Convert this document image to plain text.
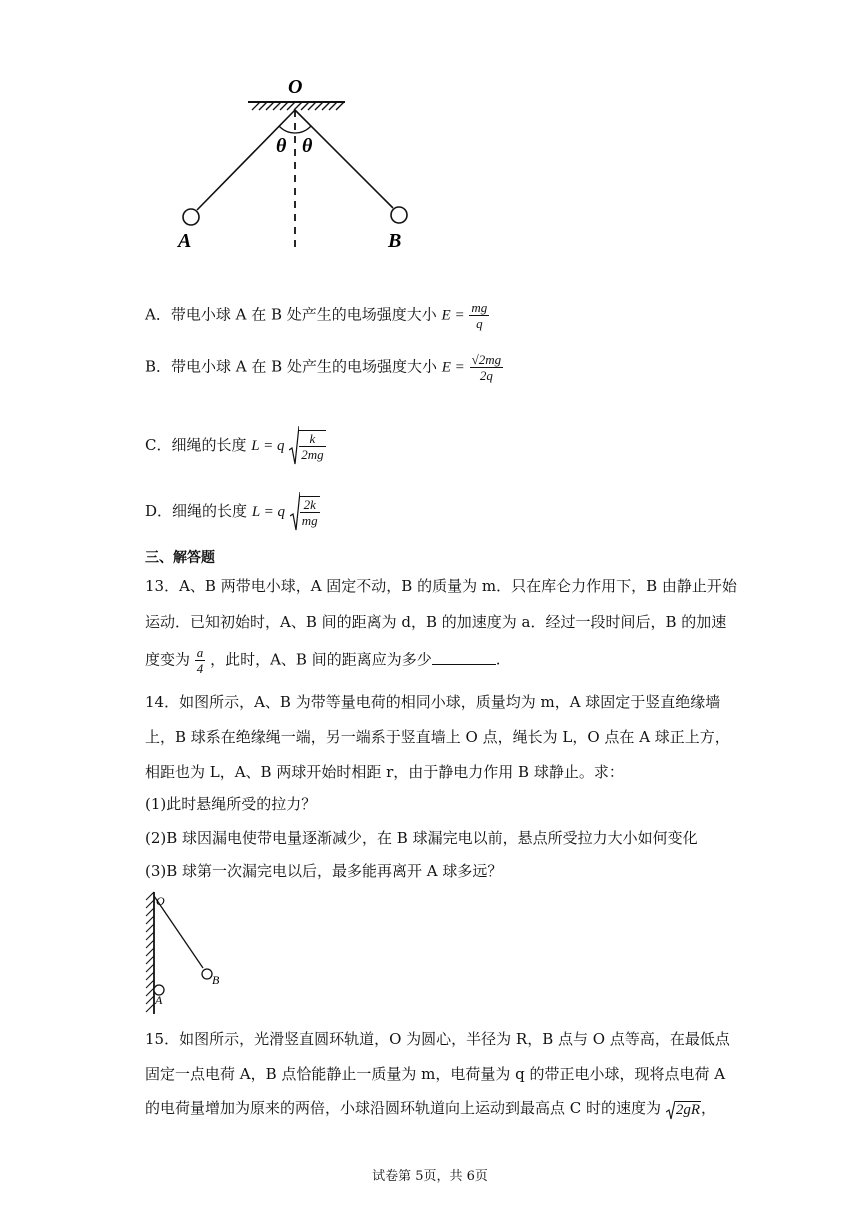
O
θ θ
A	B
A．带电小球 A 在 B 处产生的电场强度大小 $E = \frac{mg}{q}$
B．带电小球 A 在 B 处产生的电场强度大小 $E = \frac{√2mg}{2q}$
C．细绳的长度 L = q $\frac{k}{2mg}$
D．细绳的长度 L = q $\frac{2k}{mg}$
三、解答题
13．A、B 两带电小球，A 固定不动，B 的质量为 m．只在库仑力作用下，B 由静止开始
运动．已知初始时，A、B 间的距离为 d，B 的加速度为 a．经过一段时间后，B 的加速
度变为 $\frac{a}{4}$ ，此时，A、B 间的距离应为多少	.
14．如图所示，A、B 为带等量电荷的相同小球，质量均为 m，A 球固定于竖直绝缘墙
上，B 球系在绝缘绳一端，另一端系于竖直墙上 O 点，绳长为 L，O 点在 A 球正上方，
相距也为 L，A、B 两球开始时相距 r，由于静电力作用 B 球静止。求：
(1)此时悬绳所受的拉力？
(2)B 球因漏电使带电量逐渐减少，在 B 球漏完电以前，悬点所受拉力大小如何变化
(3)B 球第一次漏完电以后，最多能再离开 A 球多远？
O
A
B
15．如图所示，光滑竖直圆环轨道，O 为圆心，半径为 R，B 点与 O 点等高，在最低点
固定一点电荷 A，B 点恰能静止一质量为 m，电荷量为 q 的带正电小球，现将点电荷 A
的电荷量增加为原来的两倍，小球沿圆环轨道向上运动到最高点 C 时的速度为 2gR，
试卷第 5页，共 6页
